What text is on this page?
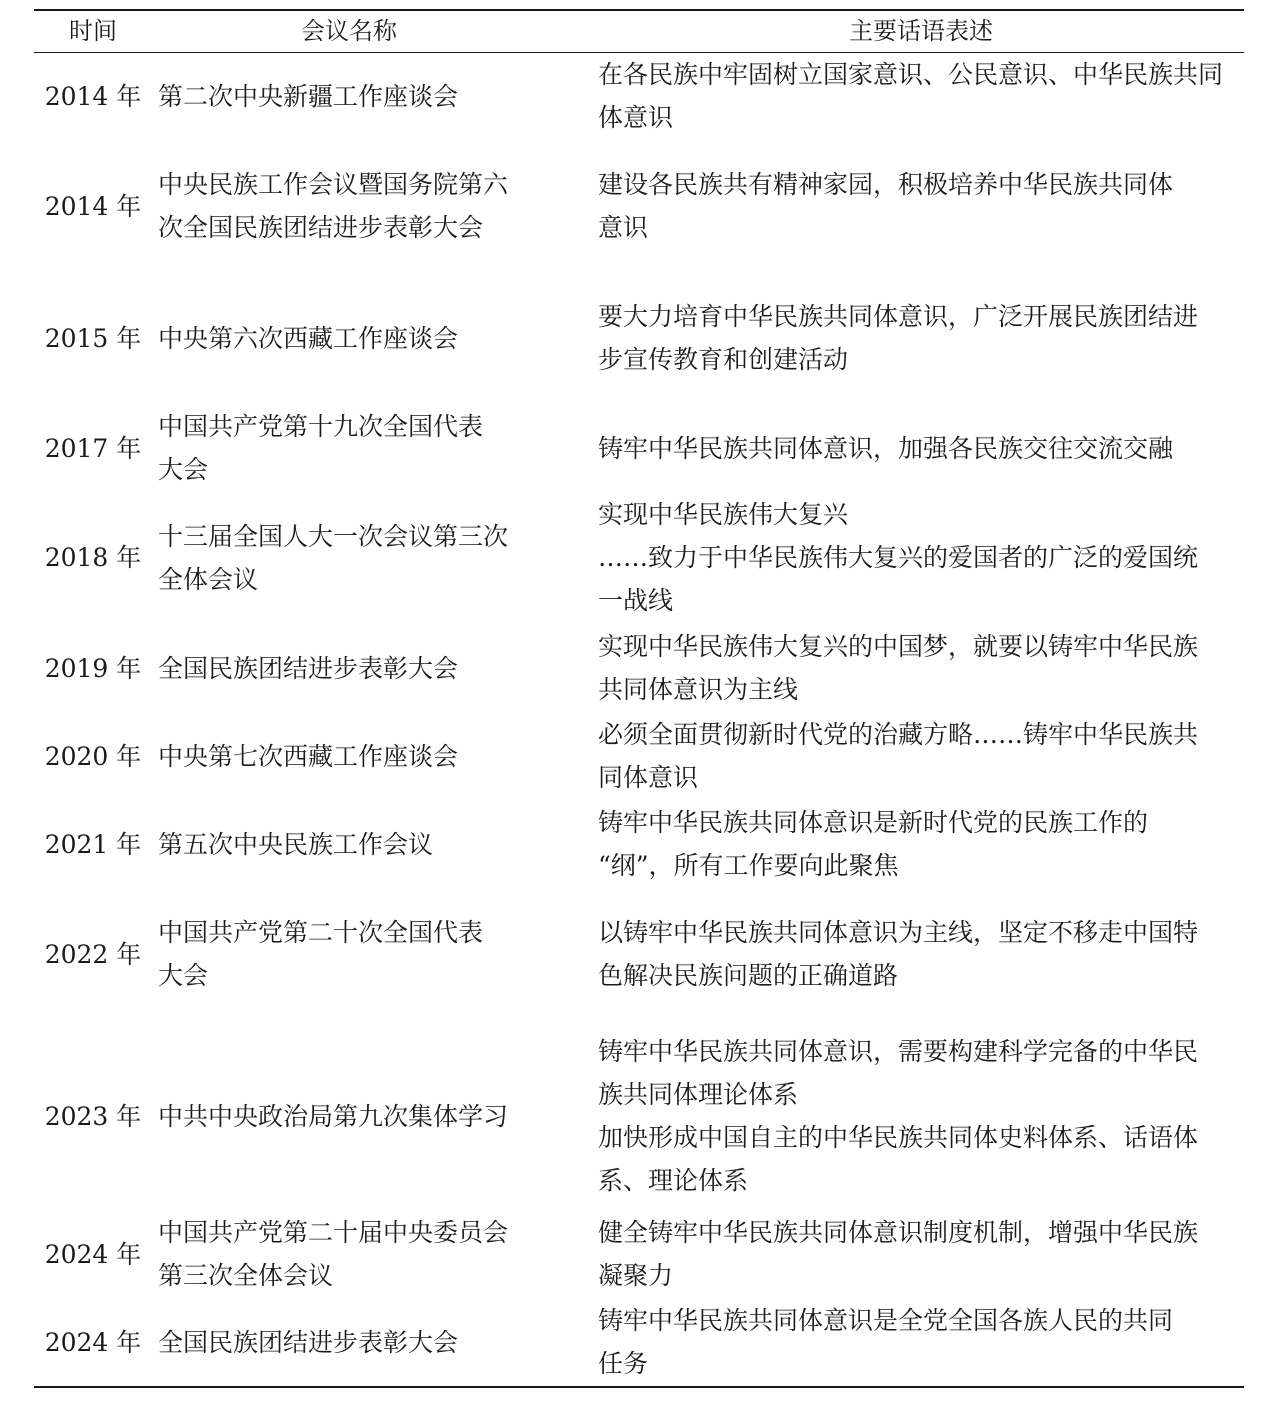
时间	会议名称	主要话语表述
2014 年 第二次中央新疆工作座谈会
在各民族中牢固树立国家意识、公民意识、中华民族共同
体意识
2014 年
中央民族工作会议暨国务院第六
次全国民族团结进步表彰大会
建设各民族共有精神家园，积极培养中华民族共同体
意识
2015 年 中央第六次西藏工作座谈会
要大力培育中华民族共同体意识，广泛开展民族团结进
步宣传教育和创建活动
2017 年
中国共产党第十九次全国代表
大会
铸牢中华民族共同体意识，加强各民族交往交流交融
2018 年
十三届全国人大一次会议第三次
全体会议
实现中华民族伟大复兴
……致力于中华民族伟大复兴的爱国者的广泛的爱国统
一战线
2019 年 全国民族团结进步表彰大会
实现中华民族伟大复兴的中国梦，就要以铸牢中华民族
共同体意识为主线
2020 年 中央第七次西藏工作座谈会
必须全面贯彻新时代党的治藏方略……铸牢中华民族共
同体意识
2021 年 第五次中央民族工作会议
铸牢中华民族共同体意识是新时代党的民族工作的
“纲”，所有工作要向此聚焦
2022 年
中国共产党第二十次全国代表
大会
以铸牢中华民族共同体意识为主线，坚定不移走中国特
色解决民族问题的正确道路
2023 年 中共中央政治局第九次集体学习
铸牢中华民族共同体意识，需要构建科学完备的中华民
族共同体理论体系
加快形成中国自主的中华民族共同体史料体系、话语体
系、理论体系
2024 年
中国共产党第二十届中央委员会
第三次全体会议
健全铸牢中华民族共同体意识制度机制，增强中华民族
凝聚力
2024 年 全国民族团结进步表彰大会
铸牢中华民族共同体意识是全党全国各族人民的共同
任务
